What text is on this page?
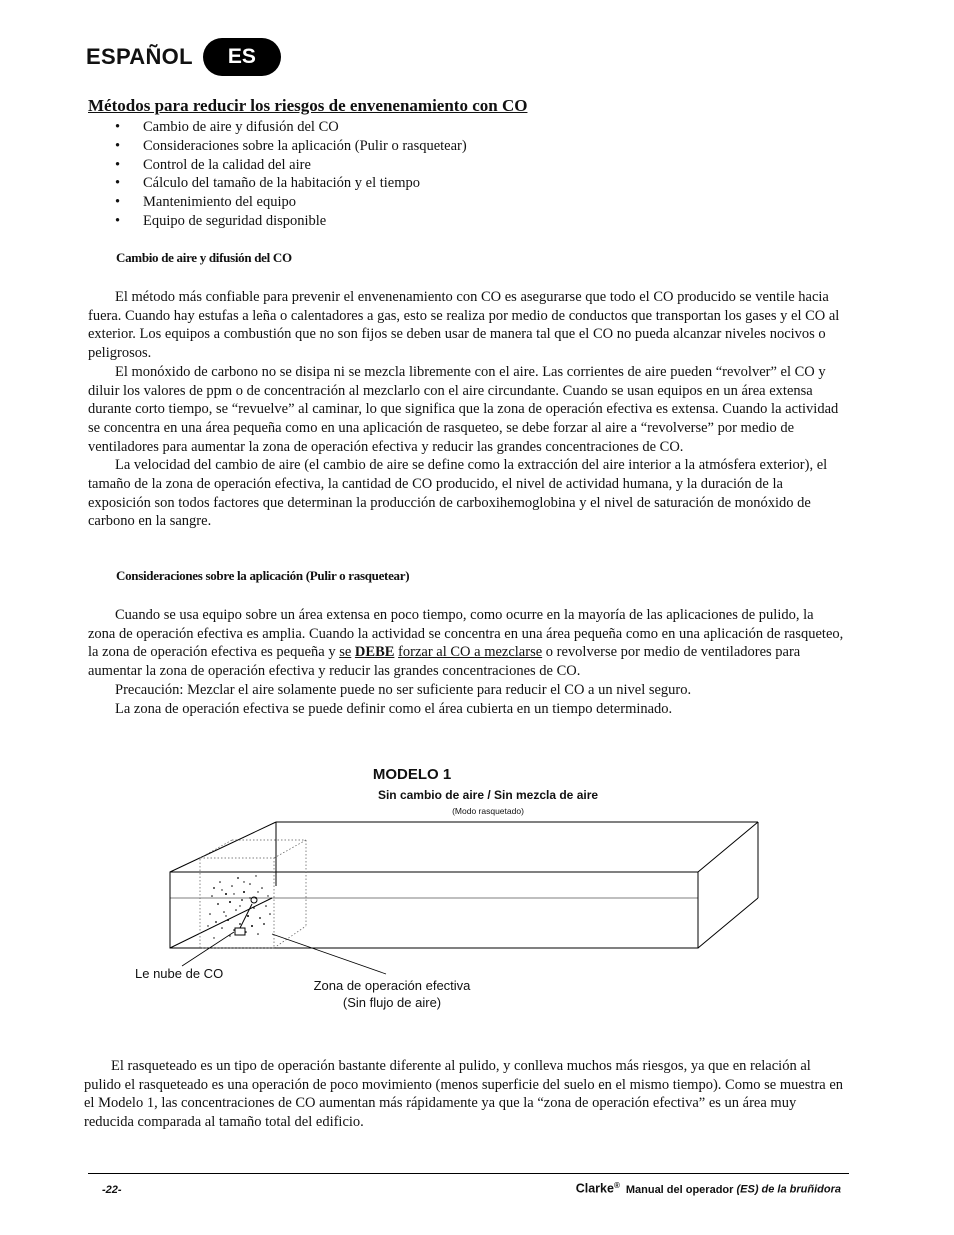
ESPAÑOL	ES
Métodos para reducir los riesgos de envenenamiento con CO
• Cambio de aire y difusión del CO
• Consideraciones sobre la aplicación (Pulir o rasquetear)
• Control de la calidad del aire
• Cálculo del tamaño de la habitación y el tiempo
• Mantenimiento del equipo
• Equipo de seguridad disponible
Cambio de aire y difusión del CO

El método más confiable para prevenir el envenenamiento con CO es asegurarse que todo el CO producido se ventile hacia fuera. Cuando hay estufas a leña o calentadores a gas, esto se realiza por medio de conductos que transportan los gases y el CO al exterior. Los equipos a combustión que no son fijos se deben usar de manera tal que el CO no pueda alcanzar niveles nocivos o peligrosos.

El monóxido de carbono no se disipa ni se mezcla libremente con el aire. Las corrientes de aire pueden “revolver” el CO y diluir los valores de ppm o de concentración al mezclarlo con el aire circundante. Cuando se usan equipos en un área extensa durante corto tiempo, se “revuelve” al caminar, lo que significa que la zona de operación efectiva es extensa. Cuando la actividad se concentra en una área pequeña como en una aplicación de rasqueteo, se debe forzar al aire a “revolverse” por medio de ventiladores para aumentar la zona de operación efectiva y reducir las grandes concentraciones de CO.

La velocidad del cambio de aire (el cambio de aire se define como la extracción del aire interior a la atmósfera exterior), el tamaño de la zona de operación efectiva, la cantidad de CO producido, el nivel de actividad humana, y la duración de la exposición son todos factores que determinan la producción de carboxihemoglobina y el nivel de saturación de monóxido de carbono en la sangre.

Consideraciones sobre la aplicación (Pulir o rasquetear)

Cuando se usa equipo sobre un área extensa en poco tiempo, como ocurre en la mayoría de las aplicaciones de pulido, la zona de operación efectiva es amplia. Cuando la actividad se concentra en una área pequeña como en una aplicación de rasqueteo, la zona de operación efectiva es pequeña y se DEBE forzar al CO a mezclarse o revolverse por medio de ventiladores para aumentar la zona de operación efectiva y reducir las grandes concentraciones de CO.

Precaución: Mezclar el aire solamente puede no ser suficiente para reducir el CO a un nivel seguro.

La zona de operación efectiva se puede definir como el área cubierta en un tiempo determinado.

MODELO 1
Sin cambio de aire / Sin mezcla de aire
(Modo rasquetado)
Le nube de CO
Zona de operación efectiva
(Sin flujo de aire)

El rasqueteado es un tipo de operación bastante diferente al pulido, y conlleva muchos más riesgos, ya que en relación al pulido el rasqueteado es una operación de poco movimiento (menos superficie del suelo en el mismo tiempo). Como se muestra en el Modelo 1, las concentraciones de CO aumentan más rápidamente ya que la “zona de operación efectiva” es un área muy reducida comparada al tamaño total del edificio.

-22-	Clarke® Manual del operador (ES) de la bruñidora
